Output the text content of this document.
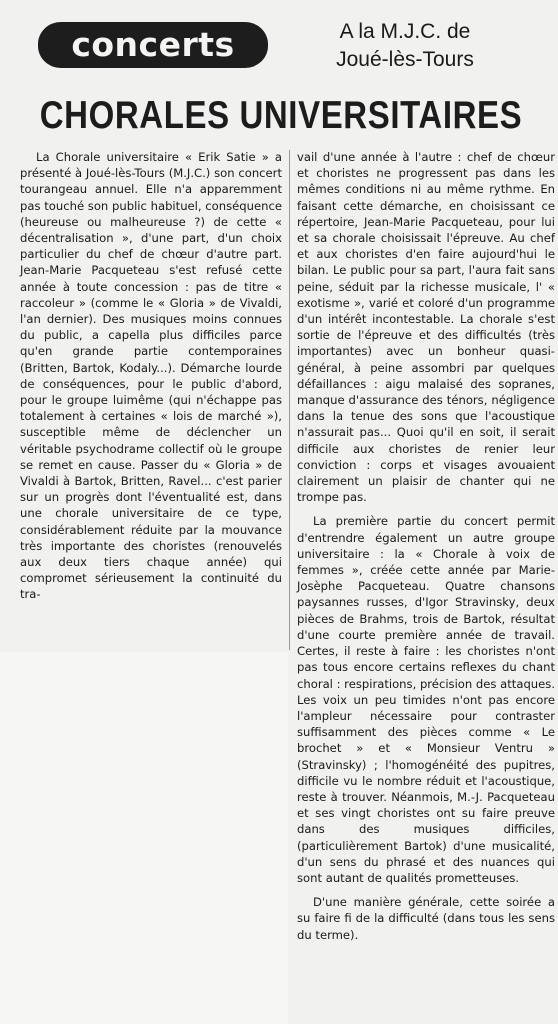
concerts	A la M.J.C. de
Joué-lès-Tours
CHORALES UNIVERSITAIRES

La Chorale universitaire « Erik Satie » a présenté à Joué-lès-Tours (M.J.C.) son concert tourangeau annuel. Elle n'a apparemment pas touché son public habituel, conséquence (heureuse ou malheureuse ?) de cette « décentralisation », d'une part, d'un choix particulier du chef de chœur d'autre part. Jean-Marie Pacqueteau s'est refusé cette année à toute concession : pas de titre « raccoleur » (comme le « Gloria » de Vivaldi, l'an dernier). Des musiques moins connues du public, a capella plus difficiles parce qu'en grande partie contemporaines (Britten, Bartok, Kodaly...). Démarche lourde de conséquences, pour le public d'abord, pour le groupe luimême (qui n'échappe pas totalement à certaines « lois de marché »), susceptible même de déclencher un véritable psychodrame collectif où le groupe se remet en cause. Passer du « Gloria » de Vivaldi à Bartok, Britten, Ravel... c'est parier sur un progrès dont l'éventualité est, dans une chorale universitaire de ce type, considérablement réduite par la mouvance très importante des choristes (renouvelés aux deux tiers chaque année) qui compromet sérieusement la continuité du tra-

vail d'une année à l'autre : chef de chœur et choristes ne progressent pas dans les mêmes conditions ni au même rythme. En faisant cette démarche, en choisissant ce répertoire, Jean-Marie Pacqueteau, pour lui et sa chorale choisissait l'épreuve. Au chef et aux choristes d'en faire aujourd'hui le bilan. Le public pour sa part, l'aura fait sans peine, séduit par la richesse musicale, l' « exotisme », varié et coloré d'un programme d'un intérêt incontestable. La chorale s'est sortie de l'épreuve et des difficultés (très importantes) avec un bonheur quasi-général, à peine assombri par quelques défaillances : aigu malaisé des sopranes, manque d'assurance des ténors, négligence dans la tenue des sons que l'acoustique n'assurait pas... Quoi qu'il en soit, il serait difficile aux choristes de renier leur conviction : corps et visages avouaient clairement un plaisir de chanter qui ne trompe pas.

La première partie du concert permit d'entrendre également un autre groupe universitaire : la « Chorale à voix de femmes », créée cette année par Marie-Josèphe Pacqueteau. Quatre chansons paysannes russes, d'Igor Stravinsky, deux pièces de Brahms, trois de Bartok, résultat d'une courte première année de travail. Certes, il reste à faire : les choristes n'ont pas tous encore certains reflexes du chant choral : respirations, précision des attaques. Les voix un peu timides n'ont pas encore l'ampleur nécessaire pour contraster suffisamment des pièces comme « Le brochet » et « Monsieur Ventru » (Stravinsky) ; l'homogénéité des pupitres, difficile vu le nombre réduit et l'acoustique, reste à trouver. Néanmois, M.-J. Pacqueteau et ses vingt choristes ont su faire preuve dans des musiques difficiles, (particulièrement Bartok) d'une musicalité, d'un sens du phrasé et des nuances qui sont autant de qualités prometteuses.

D'une manière générale, cette soirée a su faire fi de la difficulté (dans tous les sens du terme).
